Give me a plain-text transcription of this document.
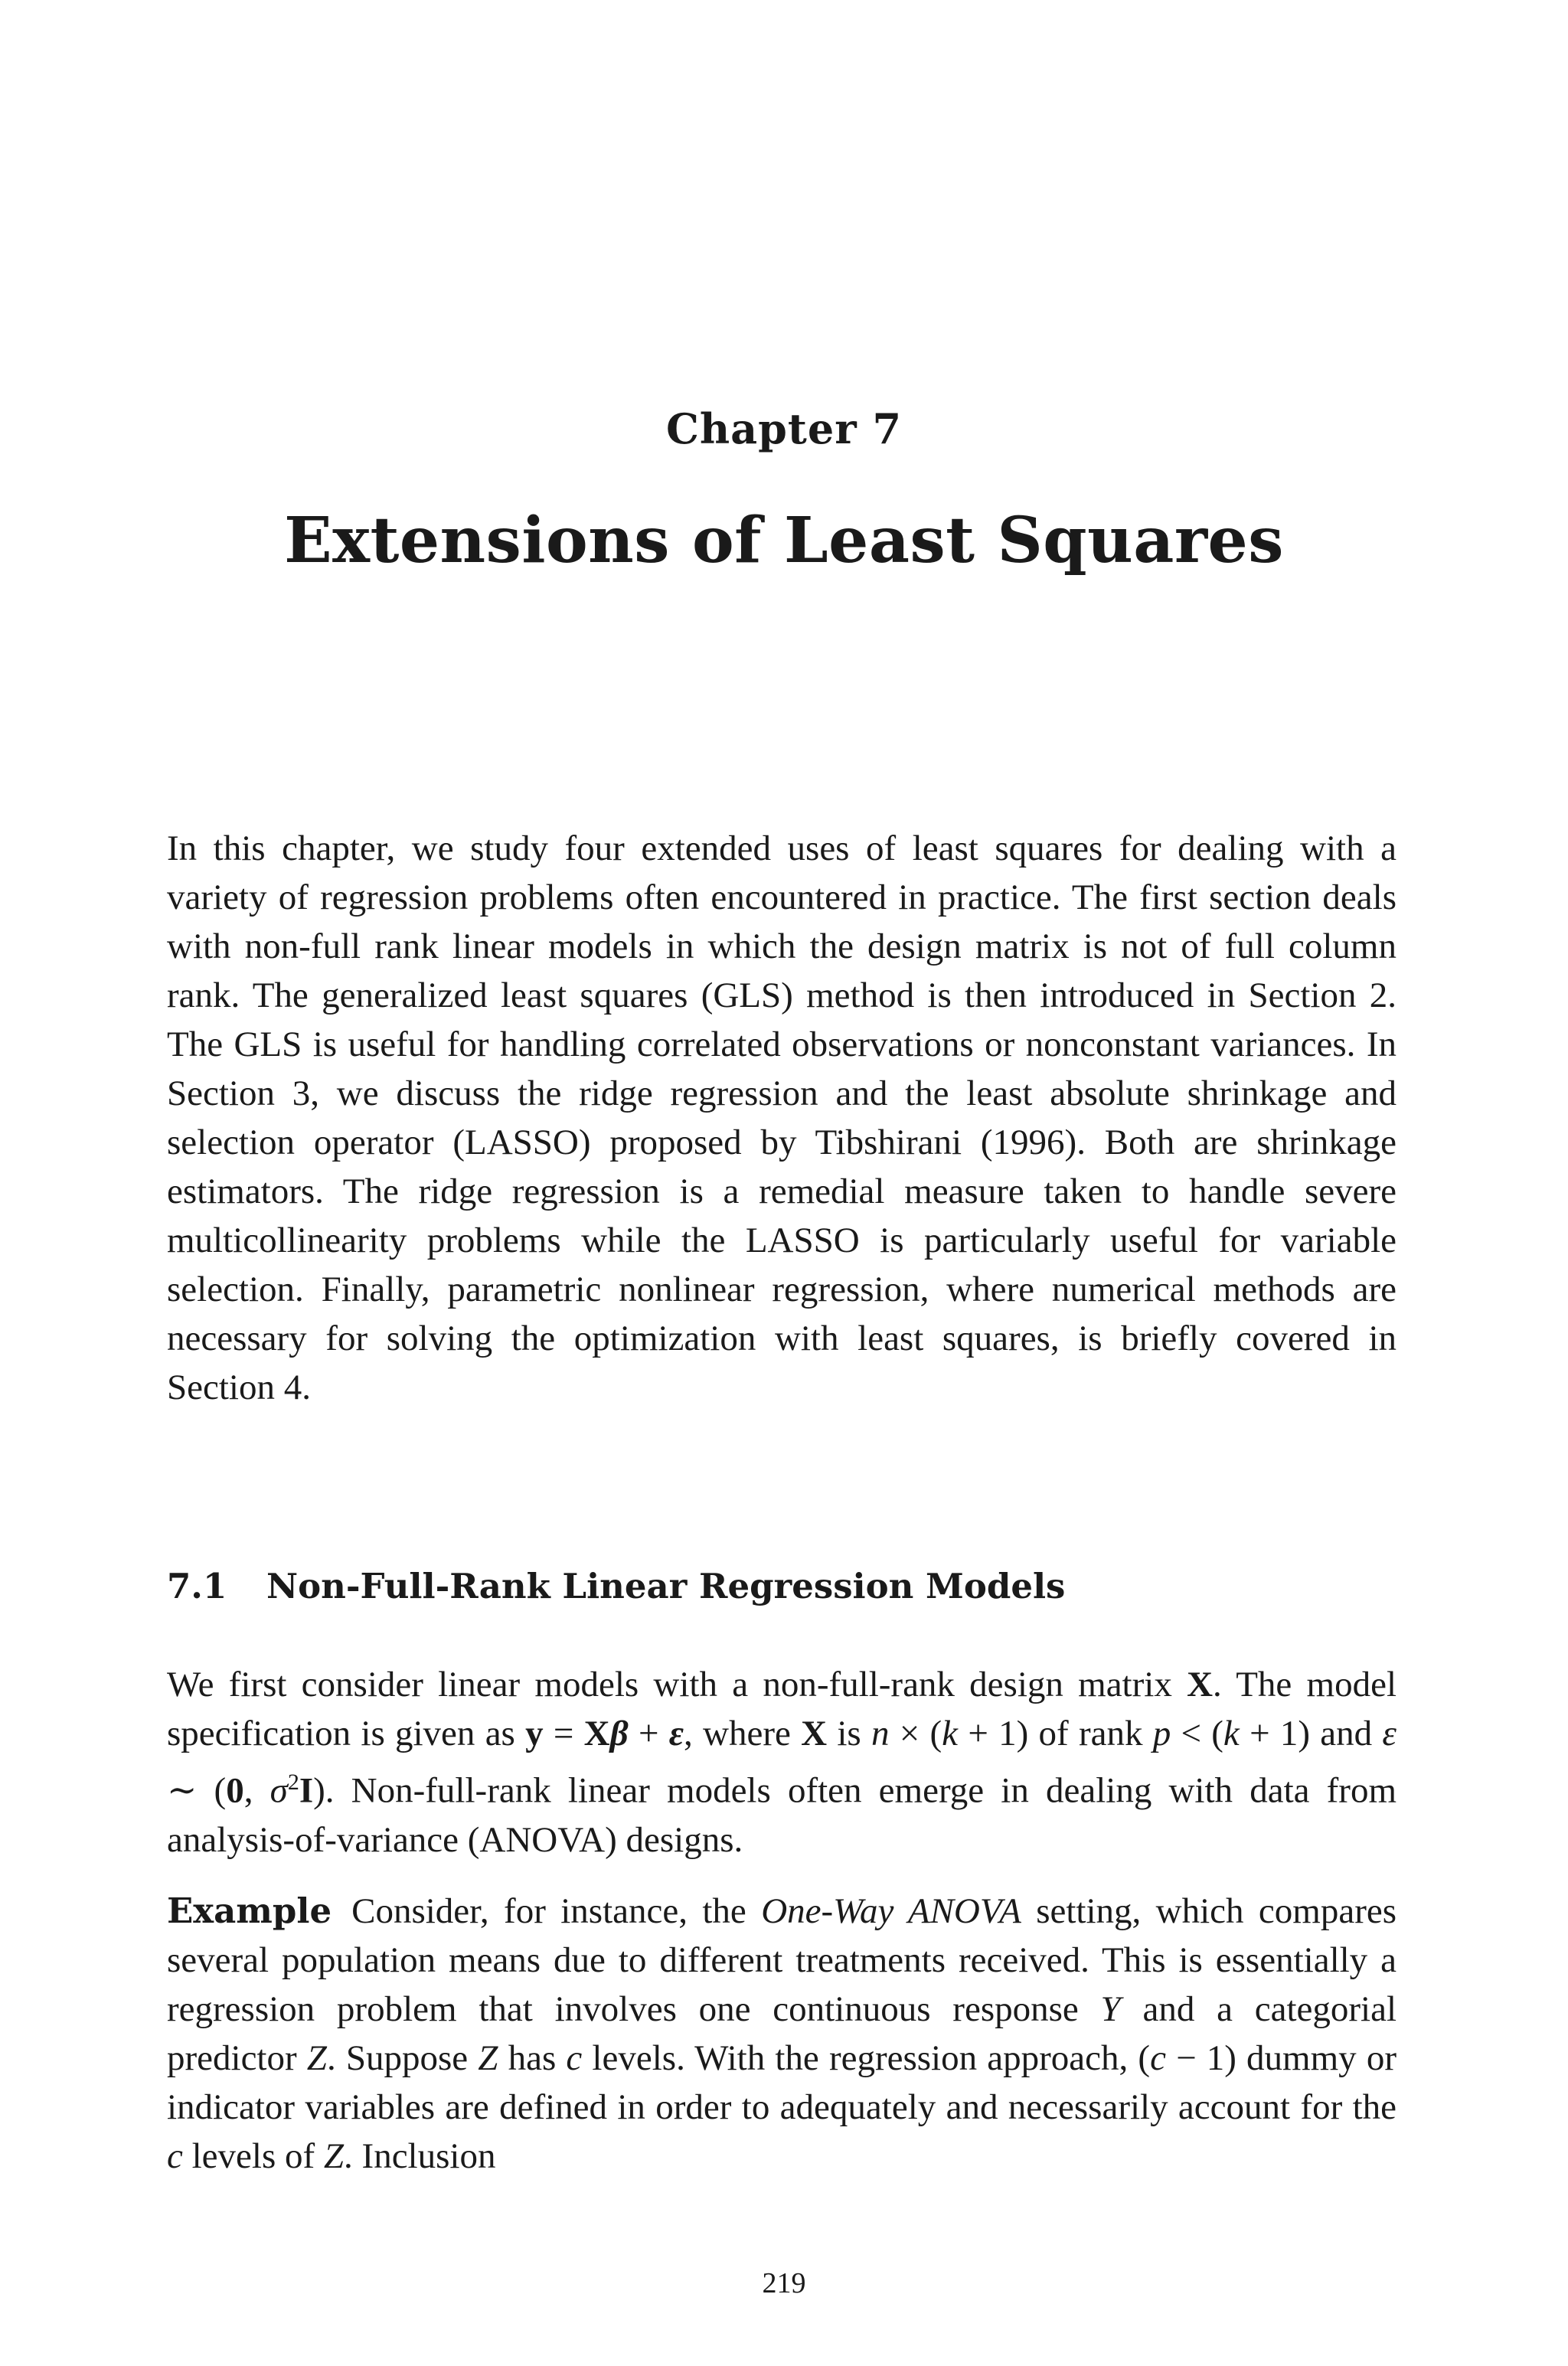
Chapter 7
Extensions of Least Squares

In this chapter, we study four extended uses of least squares for dealing with a variety of regression problems often encountered in practice. The first section deals with non-full rank linear models in which the design matrix is not of full column rank. The generalized least squares (GLS) method is then introduced in Section 2. The GLS is useful for handling correlated observations or nonconstant variances. In Section 3, we discuss the ridge regression and the least absolute shrinkage and selection operator (LASSO) proposed by Tibshirani (1996). Both are shrinkage estimators. The ridge regression is a remedial measure taken to handle severe multicollinearity problems while the LASSO is particularly useful for variable selection. Finally, parametric nonlinear regression, where numerical methods are necessary for solving the optimization with least squares, is briefly covered in Section 4.

7.1 Non-Full-Rank Linear Regression Models

We first consider linear models with a non-full-rank design matrix X. The model specification is given as y = Xβ + ε, where X is n × (k + 1) of rank p < (k + 1) and ε ∼ (0, $\sigma^2I$). Non-full-rank linear models often emerge in dealing with data from analysis-of-variance (ANOVA) designs.

Example Consider, for instance, the One-Way ANOVA setting, which compares several population means due to different treatments received. This is essentially a regression problem that involves one continuous response Y and a categorial predictor Z. Suppose Z has c levels. With the regression approach, (c − 1) dummy or indicator variables are defined in order to adequately and necessarily account for the c levels of Z. Inclusion

219
